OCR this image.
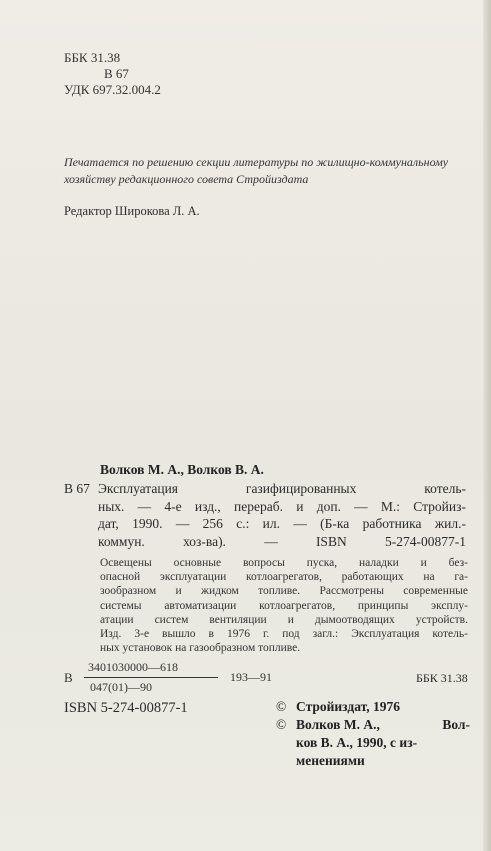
ББК 31.38
В 67
УДК 697.32.004.2
Печатается по решению секции литературы по жилищно-коммунальному хозяйству редакционного совета Стройиздата
Редактор Широкова Л. А.
Волков М. А., Волков В. А.
В 67 Эксплуатация	газифицированных	котель-
ных. — 4-е изд., перераб. и доп. — М.: Стройиз-
дат, 1990. — 256 с.: ил. — (Б-ка работника жил.-
коммун.	хоз-ва).	—	ISBN	5-274-00877-1
Освещены основные вопросы пуска, наладки и без-
опасной эксплуатации котлоагрегатов, работающих на га-
зообразном и жидком топливе. Рассмотрены современные
системы автоматизации котлоагрегатов, принципы эксплу-
атации систем вентиляции и дымоотводящих устройств.
Изд. 3-е вышло в 1976 г. под загл.: Эксплуатация котель-
ных установок на газообразном топливе.
В
3401030000—618
047(01)—90
193—91	ББК 31.38
ISBN 5-274-00877-1	© Стройиздат, 1976
© Волков М. А.,	Вол-
ков В. А., 1990, с из-
менениями
